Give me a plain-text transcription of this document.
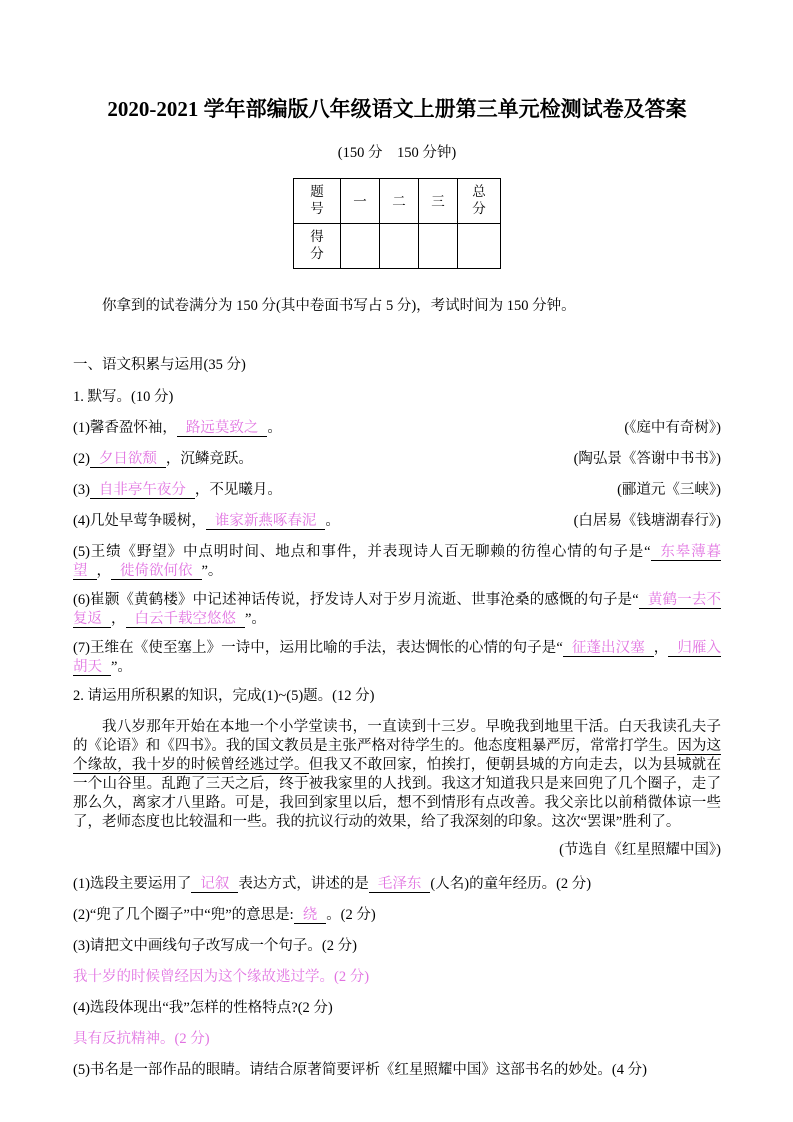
2020-2021 学年部编版八年级语文上册第三单元检测试卷及答案
(150 分　150 分钟)
题号	一	二	三	总分
得分				

你拿到的试卷满分为 150 分(其中卷面书写占 5 分)，考试时间为 150 分钟。

一、语文积累与运用(35 分)

1. 默写。(10 分)

(1)馨香盈怀袖， 路远莫致之 。	(《庭中有奇树》)
(2) 夕日欲颓 ，沉鳞竞跃。	(陶弘景《答谢中书书》)
(3) 自非亭午夜分 ，不见曦月。	(郦道元《三峡》)
(4)几处早莺争暖树， 谁家新燕啄春泥 。	(白居易《钱塘湖春行》)

(5)王绩《野望》中点明时间、地点和事件，并表现诗人百无聊赖的彷徨心情的句子是“ 东皋薄暮望 ， 徙倚欲何依 ”。

(6)崔颢《黄鹤楼》中记述神话传说，抒发诗人对于岁月流逝、世事沧桑的感慨的句子是“ 黄鹤一去不复返 ， 白云千载空悠悠 ”。

(7)王维在《使至塞上》一诗中，运用比喻的手法，表达惆怅的心情的句子是“ 征蓬出汉塞 ， 归雁入胡天 ”。

2. 请运用所积累的知识，完成(1)~(5)题。(12 分)

我八岁那年开始在本地一个小学堂读书，一直读到十三岁。早晚我到地里干活。白天我读孔夫子的《论语》和《四书》。我的国文教员是主张严格对待学生的。他态度粗暴严厉，常常打学生。因为这个缘故，我十岁的时候曾经逃过学。但我又不敢回家，怕挨打，便朝县城的方向走去，以为县城就在一个山谷里。乱跑了三天之后，终于被我家里的人找到。我这才知道我只是来回兜了几个圈子，走了那么久，离家才八里路。可是，我回到家里以后，想不到情形有点改善。我父亲比以前稍微体谅一些了，老师态度也比较温和一些。我的抗议行动的效果，给了我深刻的印象。这次“罢课”胜利了。

(节选自《红星照耀中国》)

(1)选段主要运用了 记叙 表达方式，讲述的是 毛泽东 (人名)的童年经历。(2 分)

(2)“兜了几个圈子”中“兜”的意思是: 绕 。(2 分)

(3)请把文中画线句子改写成一个句子。(2 分)

我十岁的时候曾经因为这个缘故逃过学。(2 分)

(4)选段体现出“我”怎样的性格特点?(2 分)

具有反抗精神。(2 分)

(5)书名是一部作品的眼睛。请结合原著简要评析《红星照耀中国》这部书名的妙处。(4 分)
